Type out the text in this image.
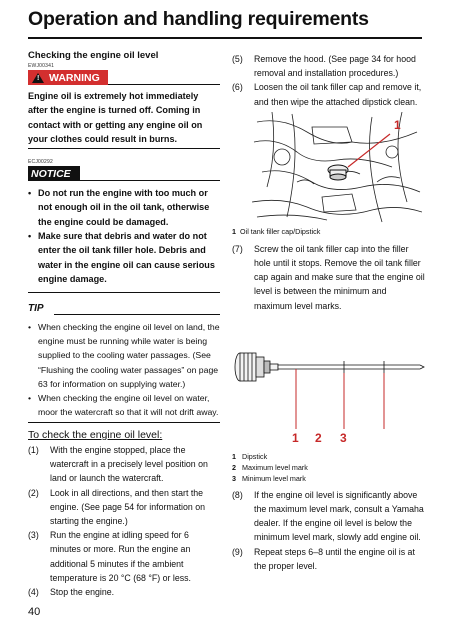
Operation and handling requirements

Checking the engine oil level

EWJ00341
! WARNING

Engine oil is extremely hot immediately after the engine is turned off. Coming in contact with or getting any engine oil on your clothes could result in burns.

ECJ00292
NOTICE
• Do not run the engine with too much or not enough oil in the oil tank, otherwise the engine could be damaged.
• Make sure that debris and water do not enter the oil tank filler hole. Debris and water in the engine oil can cause serious engine damage.
TIP
• When checking the engine oil level on land, the engine must be running while water is being supplied to the cooling water passages. (See “Flushing the cooling water passages” on page 63 for information on supplying water.)
• When checking the engine oil level on water, moor the watercraft so that it will not drift away.
To check the engine oil level:
(1) With the engine stopped, place the watercraft in a precisely level position on land or launch the watercraft.
(2) Look in all directions, and then start the engine. (See page 54 for information on starting the engine.)
(3) Run the engine at idling speed for 6 minutes or more. Run the engine an additional 5 minutes if the ambient temperature is 20 °C (68 °F) or less.
(4) Stop the engine.
(5) Remove the hood. (See page 34 for hood removal and installation procedures.)
(6) Loosen the oil tank filler cap and remove it, and then wipe the attached dipstick clean.
1

1 Oil tank filler cap/Dipstick

(7) Screw the oil tank filler cap into the filler hole until it stops. Remove the oil tank filler cap again and make sure that the engine oil level is between the minimum and maximum level marks.
1 2 3
1 Dipstick
2 Maximum level mark
3 Minimum level mark
(8) If the engine oil level is significantly above the maximum level mark, consult a Yamaha dealer. If the engine oil level is below the minimum level mark, slowly add engine oil.
(9) Repeat steps 6–8 until the engine oil is at the proper level.
40
